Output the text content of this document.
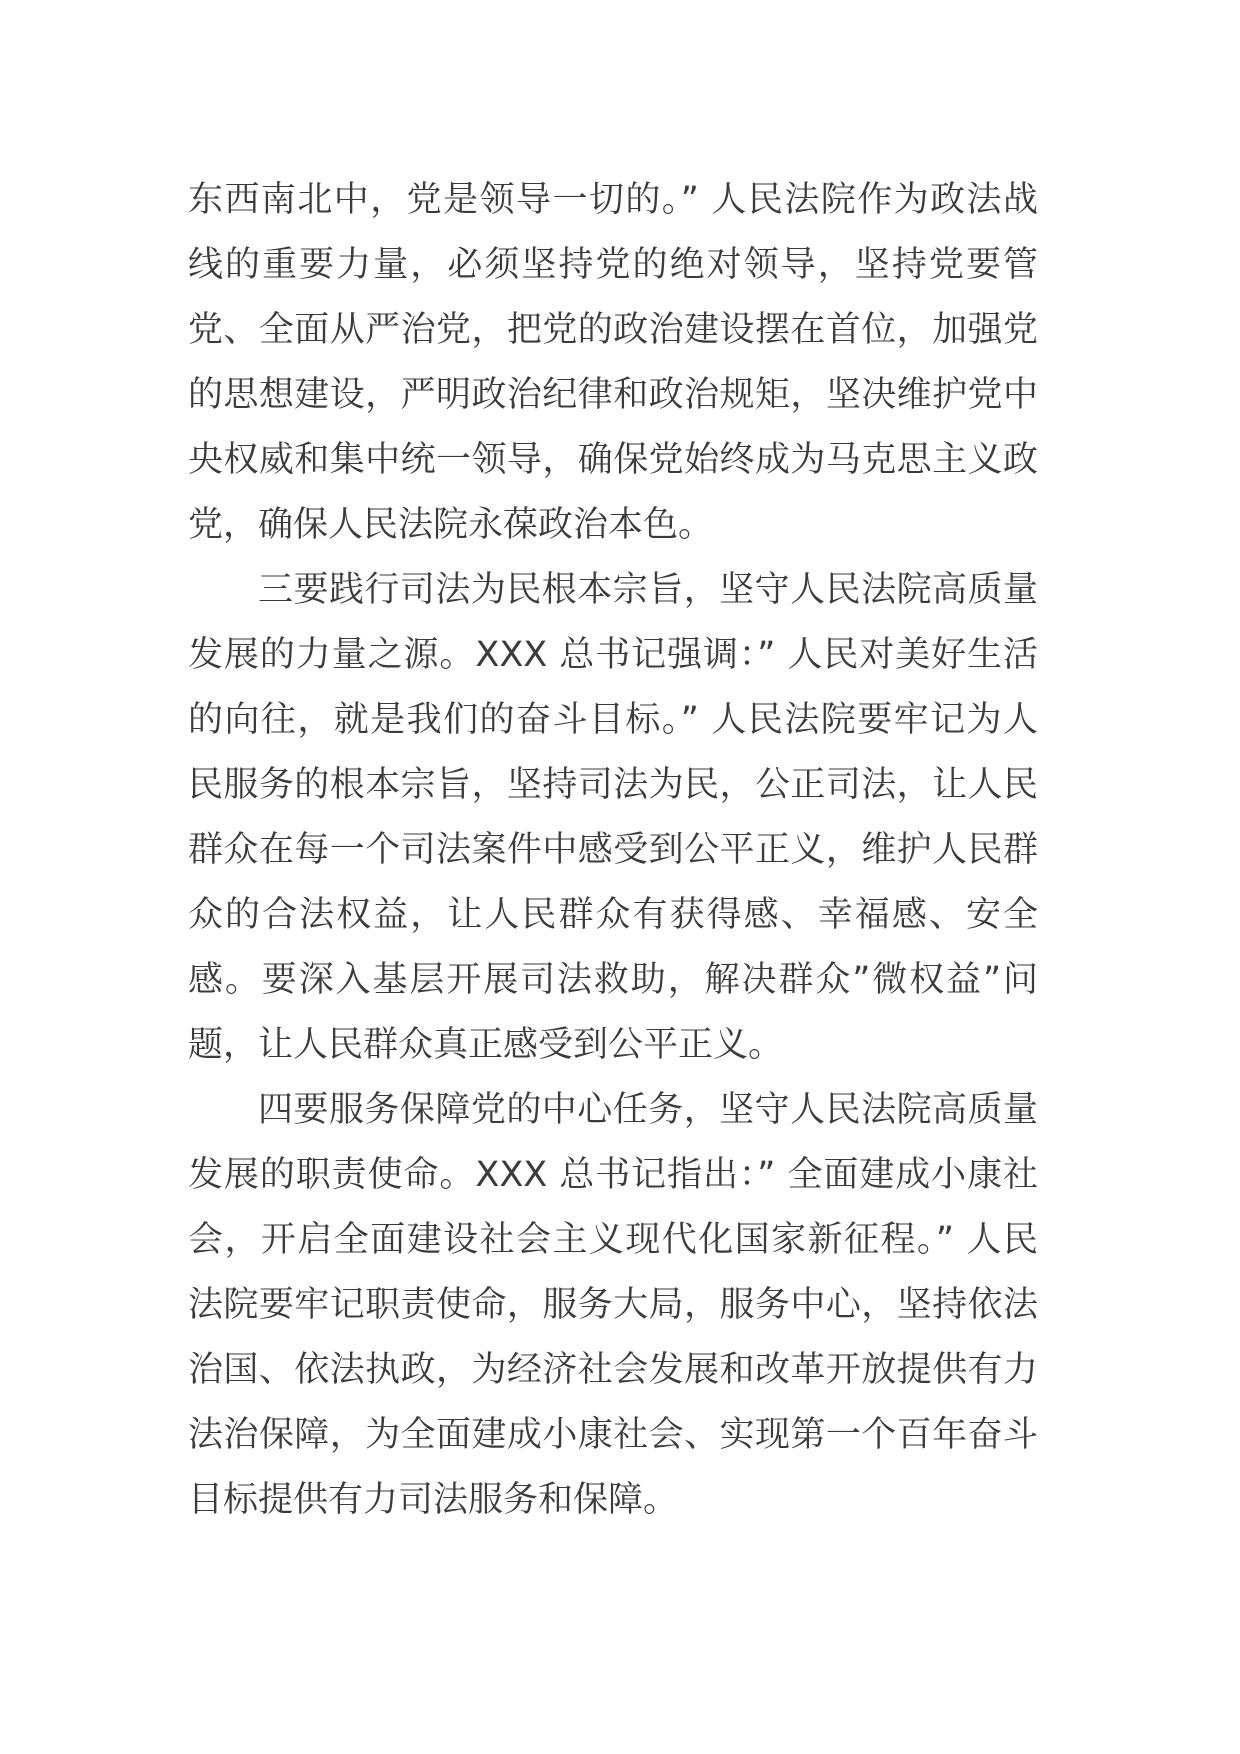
东西南北中，党是领导一切的。” 人民法院作为政法战线的重要力量，必须坚持党的绝对领导，坚持党要管党、全面从严治党，把党的政治建设摆在首位，加强党的思想建设，严明政治纪律和政治规矩，坚决维护党中央权威和集中统一领导，确保党始终成为马克思主义政党，确保人民法院永葆政治本色。

三要践行司法为民根本宗旨，坚守人民法院高质量发展的力量之源。XXX 总书记强调：” 人民对美好生活的向往，就是我们的奋斗目标。” 人民法院要牢记为人民服务的根本宗旨，坚持司法为民，公正司法，让人民群众在每一个司法案件中感受到公平正义，维护人民群众的合法权益，让人民群众有获得感、幸福感、安全感。要深入基层开展司法救助，解决群众”微权益”问题，让人民群众真正感受到公平正义。

四要服务保障党的中心任务，坚守人民法院高质量发展的职责使命。XXX 总书记指出：” 全面建成小康社会，开启全面建设社会主义现代化国家新征程。” 人民法院要牢记职责使命，服务大局，服务中心，坚持依法治国、依法执政，为经济社会发展和改革开放提供有力法治保障，为全面建成小康社会、实现第一个百年奋斗目标提供有力司法服务和保障。
